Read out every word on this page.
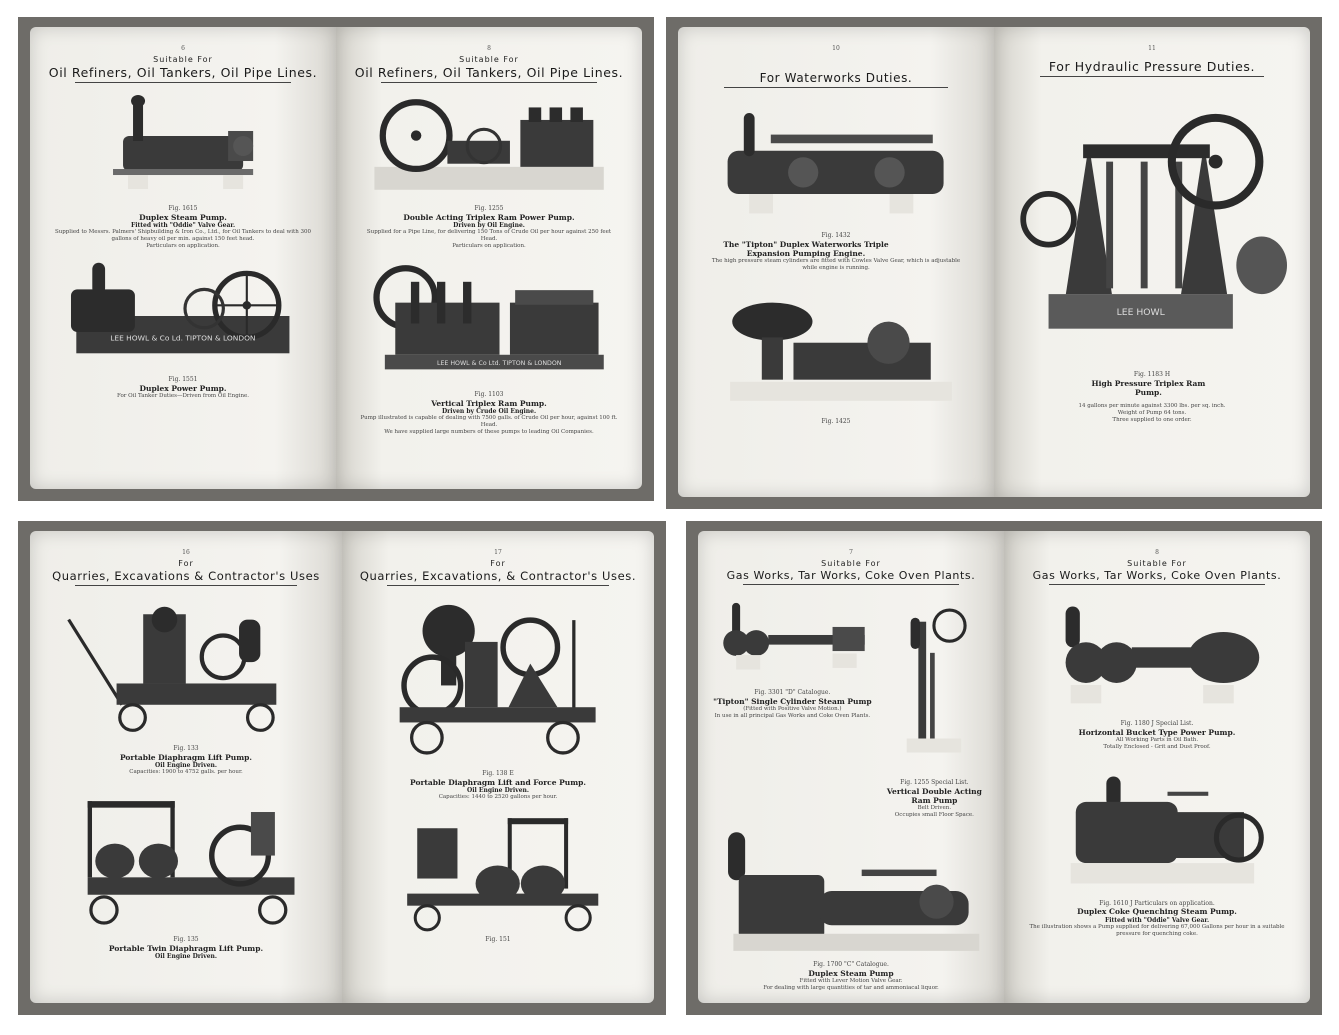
6
Suitable For
Oil Refiners, Oil Tankers, Oil Pipe Lines.
Fig. 1615
Duplex Steam Pump.
Fitted with "Oddie" Valve Gear.
Supplied to Messrs. Palmers' Shipbuilding & Iron Co., Ltd., for Oil Tankers to deal with 300 gallons of heavy oil per min. against 150 feet head.
Particulars on application.
LEE HOWL & Co Ld. TIPTON & LONDON
Fig. 1551
Duplex Power Pump.
For Oil Tanker Duties—Driven from Oil Engine.
8
Suitable For
Oil Refiners, Oil Tankers, Oil Pipe Lines.
Fig. 1255
Double Acting Triplex Ram Power Pump.
Driven by Oil Engine.
Supplied for a Pipe Line, for delivering 150 Tons of Crude Oil per hour against 250 feet Head.
Particulars on application.
LEE HOWL & Co Ltd. TIPTON & LONDON
Fig. 1103
Vertical Triplex Ram Pump.
Driven by Crude Oil Engine.
Pump illustrated is capable of dealing with 7500 galls. of Crude Oil per hour, against 100 ft. Head.
We have supplied large numbers of these pumps to leading Oil Companies.
10
For Waterworks Duties.
Fig. 1432
The "Tipton" Duplex Waterworks Triple Expansion Pumping Engine.
The high pressure steam cylinders are fitted with Cowles Valve Gear, which is adjustable while engine is running.
Fig. 1425
11
For Hydraulic Pressure Duties.
LEE HOWL
Fig. 1183 H
High Pressure Triplex Ram Pump.
14 gallons per minute against 3300 lbs. per sq. inch.
Weight of Pump 64 tons.
Three supplied to one order.
16
For
Quarries, Excavations & Contractor's Uses
Fig. 133
Portable Diaphragm Lift Pump.
Oil Engine Driven.
Capacities: 1900 to 4752 galls. per hour.
Fig. 135
Portable Twin Diaphragm Lift Pump.
Oil Engine Driven.
17
For
Quarries, Excavations, & Contractor's Uses.
Fig. 138 E
Portable Diaphragm Lift and Force Pump.
Oil Engine Driven.
Capacities: 1440 to 2520 gallons per hour.
Fig. 151
7
Suitable For
Gas Works, Tar Works, Coke Oven Plants.
Fig. 3301 "D" Catalogue.
"Tipton" Single Cylinder Steam Pump
(Fitted with Positive Valve Motion.)
In use in all principal Gas Works and Coke Oven Plants.
Fig. 1255 Special List.
Vertical Double Acting Ram Pump
Belt Driven.
Occupies small Floor Space.
Fig. 1700 "C" Catalogue.
Duplex Steam Pump
Fitted with Lever Motion Valve Gear.
For dealing with large quantities of tar and ammoniacal liquor.
8
Suitable For
Gas Works, Tar Works, Coke Oven Plants.
Fig. 1180 J Special List.
Horizontal Bucket Type Power Pump.
All Working Parts in Oil Bath.
Totally Enclosed - Grit and Dust Proof.
Fig. 1610 J Particulars on application.
Duplex Coke Quenching Steam Pump.
Fitted with "Oddie" Valve Gear.
The illustration shows a Pump supplied for delivering 67,000 Gallons per hour in a suitable pressure for quenching coke.
